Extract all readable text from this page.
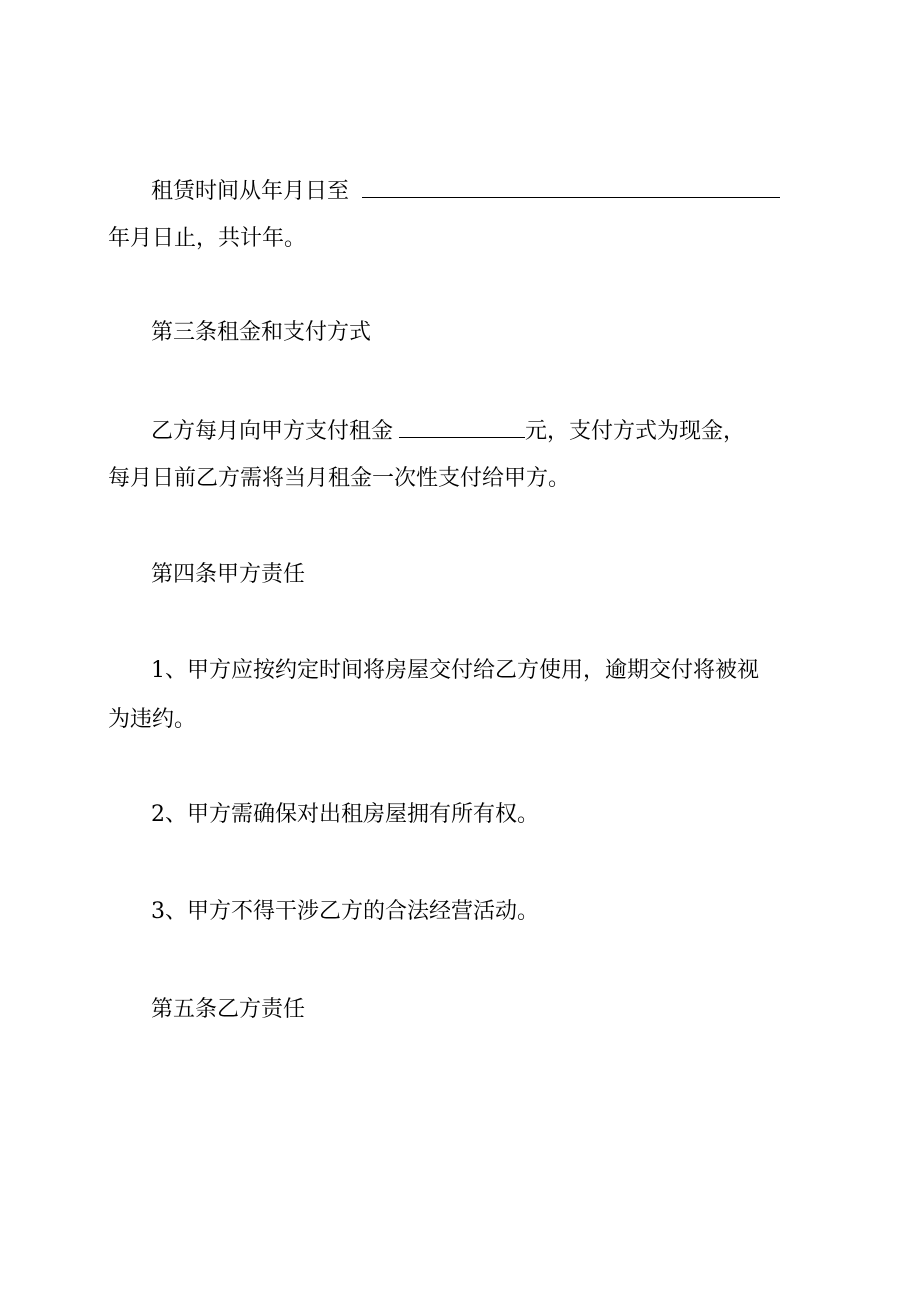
租赁时间从年月日至

年月日止，共计年。

第三条租金和支付方式

乙方每月向甲方支付租金	元，支付方式为现金，

每月日前乙方需将当月租金一次性支付给甲方。

第四条甲方责任

1、甲方应按约定时间将房屋交付给乙方使用，逾期交付将被视

为违约。

2、甲方需确保对出租房屋拥有所有权。

3、甲方不得干涉乙方的合法经营活动。

第五条乙方责任
